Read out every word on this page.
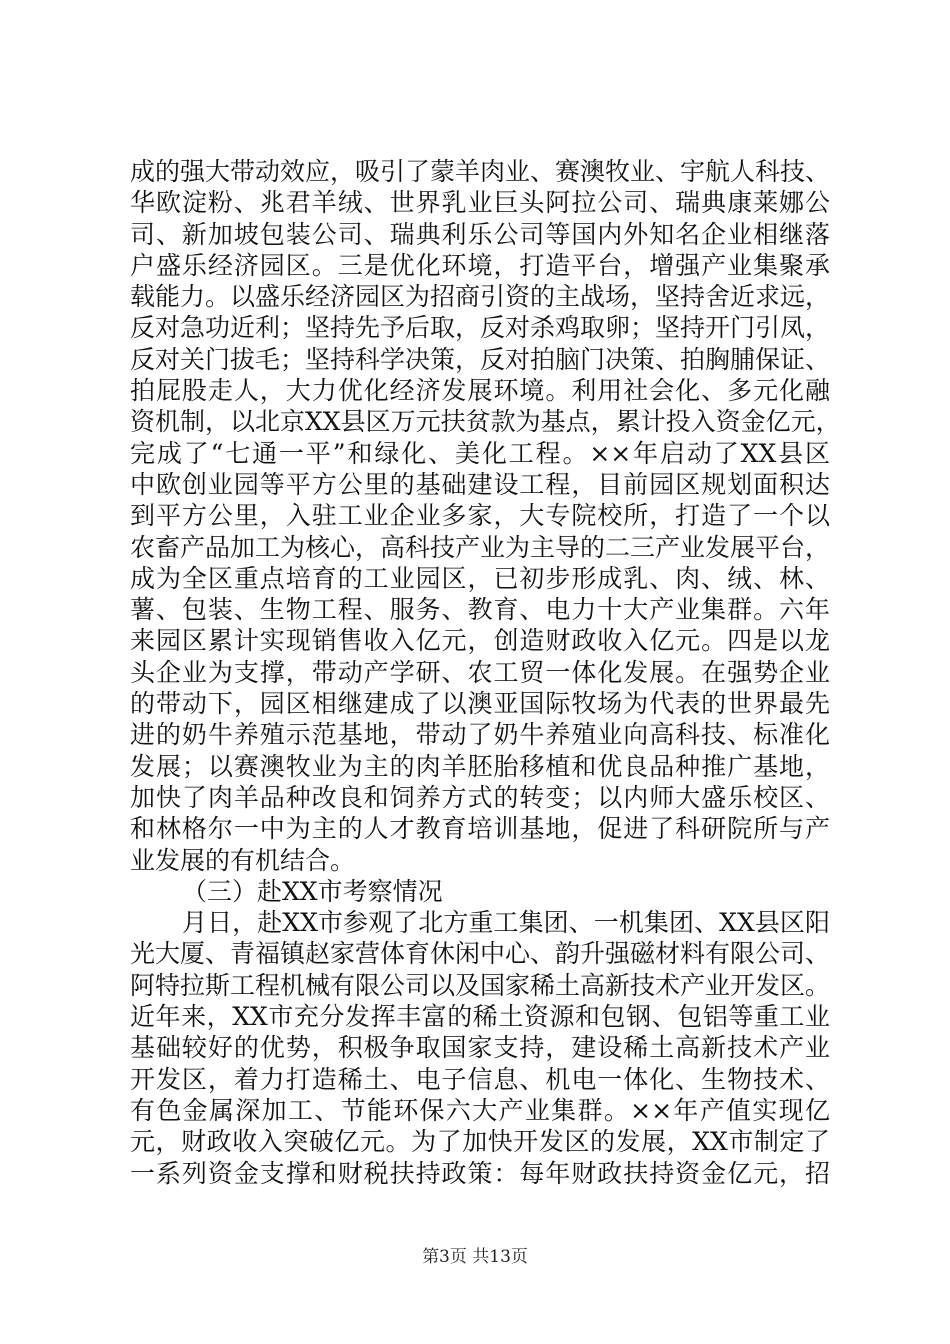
成的强大带动效应，吸引了蒙羊肉业、赛澳牧业、宇航人科技、
华欧淀粉、兆君羊绒、世界乳业巨头阿拉公司、瑞典康莱娜公
司、新加坡包装公司、瑞典利乐公司等国内外知名企业相继落
户盛乐经济园区。三是优化环境，打造平台，增强产业集聚承
载能力。以盛乐经济园区为招商引资的主战场，坚持舍近求远，
反对急功近利；坚持先予后取，反对杀鸡取卵；坚持开门引凤，
反对关门拔毛；坚持科学决策，反对拍脑门决策、拍胸脯保证、
拍屁股走人，大力优化经济发展环境。利用社会化、多元化融
资机制，以北京XX县区万元扶贫款为基点，累计投入资金亿元，
完成了“七通一平”和绿化、美化工程。××年启动了XX县区
中欧创业园等平方公里的基础建设工程，目前园区规划面积达
到平方公里，入驻工业企业多家，大专院校所，打造了一个以
农畜产品加工为核心，高科技产业为主导的二三产业发展平台，
成为全区重点培育的工业园区，已初步形成乳、肉、绒、林、
薯、包装、生物工程、服务、教育、电力十大产业集群。六年
来园区累计实现销售收入亿元，创造财政收入亿元。四是以龙
头企业为支撑，带动产学研、农工贸一体化发展。在强势企业
的带动下，园区相继建成了以澳亚国际牧场为代表的世界最先
进的奶牛养殖示范基地，带动了奶牛养殖业向高科技、标准化
发展；以赛澳牧业为主的肉羊胚胎移植和优良品种推广基地，
加快了肉羊品种改良和饲养方式的转变；以内师大盛乐校区、
和林格尔一中为主的人才教育培训基地，促进了科研院所与产
业发展的有机结合。
（三）赴XX市考察情况
月日，赴XX市参观了北方重工集团、一机集团、XX县区阳
光大厦、青福镇赵家营体育休闲中心、韵升强磁材料有限公司、
阿特拉斯工程机械有限公司以及国家稀土高新技术产业开发区。
近年来，XX市充分发挥丰富的稀土资源和包钢、包铝等重工业
基础较好的优势，积极争取国家支持，建设稀土高新技术产业
开发区，着力打造稀土、电子信息、机电一体化、生物技术、
有色金属深加工、节能环保六大产业集群。××年产值实现亿
元，财政收入突破亿元。为了加快开发区的发展，XX市制定了
一系列资金支撑和财税扶持政策：每年财政扶持资金亿元，招
第3页 共13页
